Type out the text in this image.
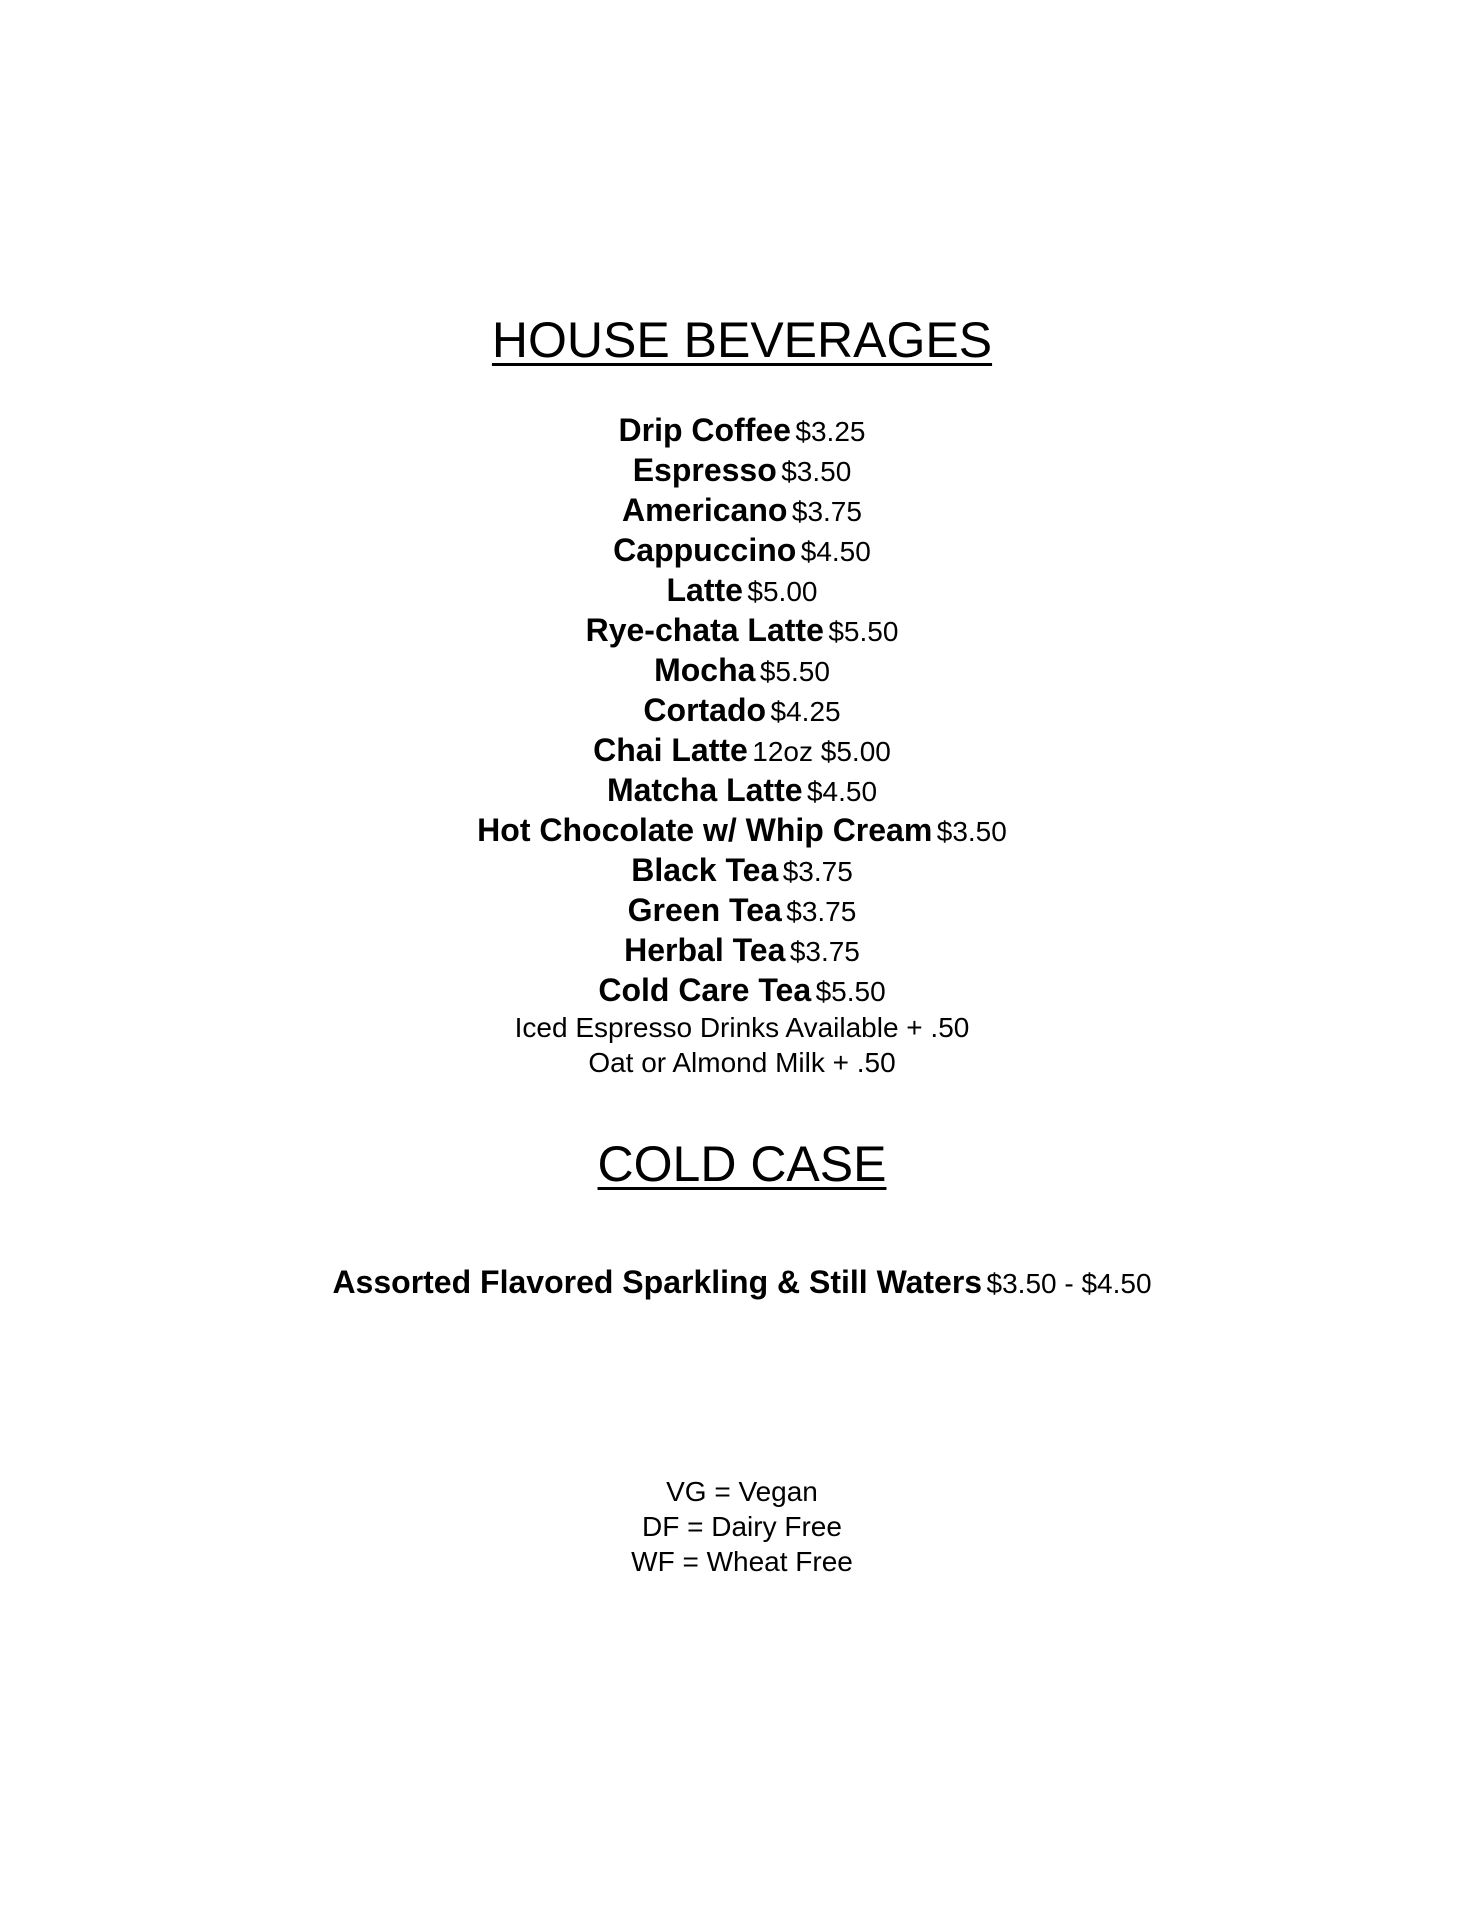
HOUSE BEVERAGES
Drip Coffee $3.25
Espresso $3.50
Americano $3.75
Cappuccino $4.50
Latte $5.00
Rye-chata Latte $5.50
Mocha $5.50
Cortado $4.25
Chai Latte 12oz $5.00
Matcha Latte $4.50
Hot Chocolate w/ Whip Cream $3.50
Black Tea $3.75
Green Tea $3.75
Herbal Tea $3.75
Cold Care Tea $5.50
Iced Espresso Drinks Available + .50
Oat or Almond Milk + .50
COLD CASE
Assorted Flavored Sparkling & Still Waters $3.50 - $4.50
VG = Vegan
DF = Dairy Free
WF = Wheat Free
